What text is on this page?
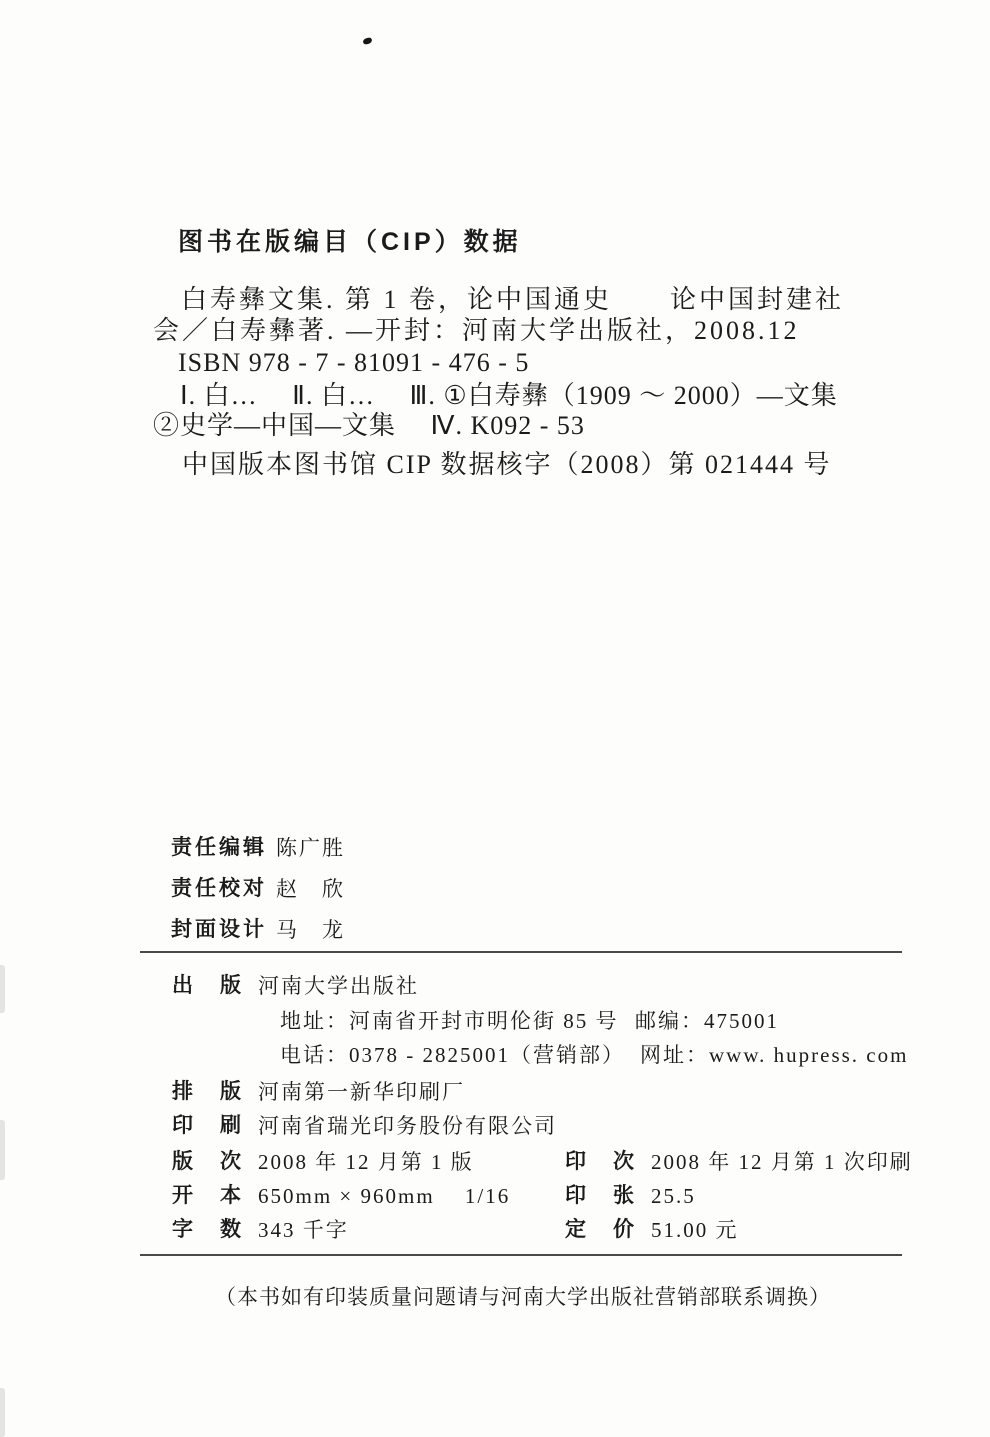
图书在版编目（CIP）数据
白寿彝文集. 第 1 卷，论中国通史　　论中国封建社
会／白寿彝著. —开封：河南大学出版社，2008.12
ISBN 978 - 7 - 81091 - 476 - 5
Ⅰ. 白…　 Ⅱ. 白…　 Ⅲ. ①白寿彝（1909 ～ 2000）—文集
②史学—中国—文集　 Ⅳ. K092 - 53
中国版本图书馆 CIP 数据核字（2008）第 021444 号
责任编辑 陈广胜
责任校对 赵　欣
封面设计 马　龙
出　版 河南大学出版社
地址：河南省开封市明伦街 85 号 邮编：475001
电话：0378 - 2825001（营销部） 网址：www. hupress. com
排　版 河南第一新华印刷厂
印　刷 河南省瑞光印务股份有限公司
版　次 2008 年 12 月第 1 版	印　次 2008 年 12 月第 1 次印刷
开　本 650mm × 960mm　 1/16	印　张 25.5
字　数 343 千字	定　价 51.00 元
（本书如有印装质量问题请与河南大学出版社营销部联系调换）
